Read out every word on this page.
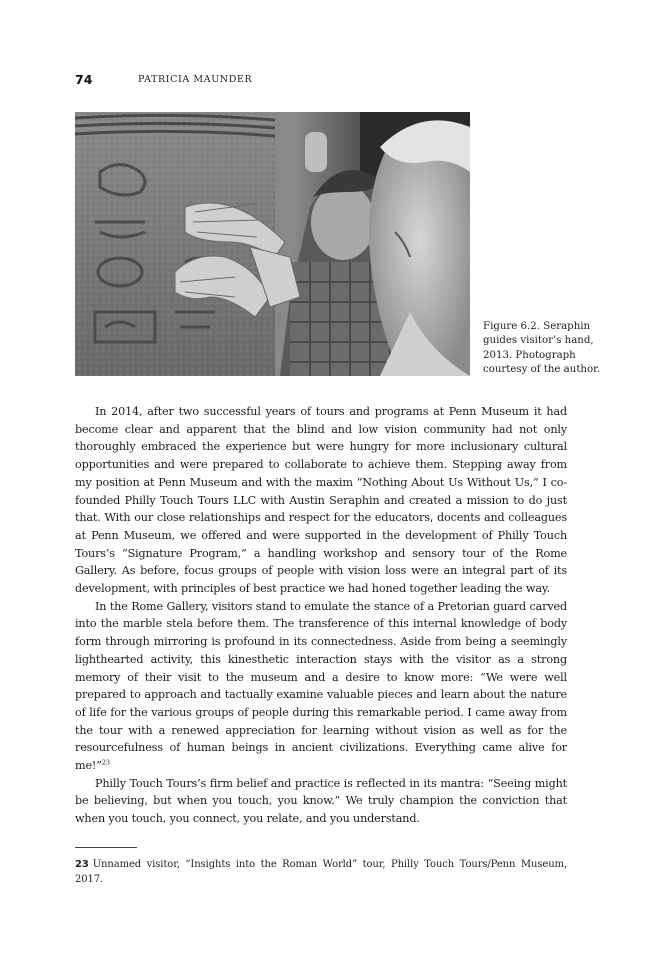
74	PATRICIA MAUNDER
Figure 6.2. Seraphin guides visitor’s hand, 2013. Photograph courtesy of the author.

In 2014, after two successful years of tours and programs at Penn Museum it had become clear and apparent that the blind and low vision community had not only thoroughly embraced the experience but were hungry for more inclusionary cultural opportunities and were prepared to collaborate to achieve them. Stepping away from my position at Penn Museum and with the maxim “Nothing About Us Without Us,” I co-founded Philly Touch Tours LLC with Austin Seraphin and created a mission to do just that. With our close relationships and respect for the educators, docents and colleagues at Penn Museum, we offered and were supported in the development of Philly Touch Tours’s “Signature Program,” a handling workshop and sensory tour of the Rome Gallery. As before, focus groups of people with vision loss were an integral part of its development, with principles of best practice we had honed together leading the way.

In the Rome Gallery, visitors stand to emulate the stance of a Pretorian guard carved into the marble stela before them. The transference of this internal knowledge of body form through mirroring is profound in its connectedness. Aside from being a seemingly lighthearted activity, this kinesthetic interaction stays with the visitor as a strong memory of their visit to the museum and a desire to know more: “We were well prepared to approach and tactually examine valuable pieces and learn about the nature of life for the various groups of people during this remarkable period. I came away from the tour with a renewed appreciation for learning without vision as well as for the resourcefulness of human beings in ancient civilizations. Everything came alive for me!”$^{23}$

Philly Touch Tours’s firm belief and practice is reflected in its mantra: “Seeing might be believing, but when you touch, you know.” We truly champion the conviction that when you touch, you connect, you relate, and you understand.

23 Unnamed visitor, “Insights into the Roman World” tour, Philly Touch Tours/Penn Museum, 2017.
